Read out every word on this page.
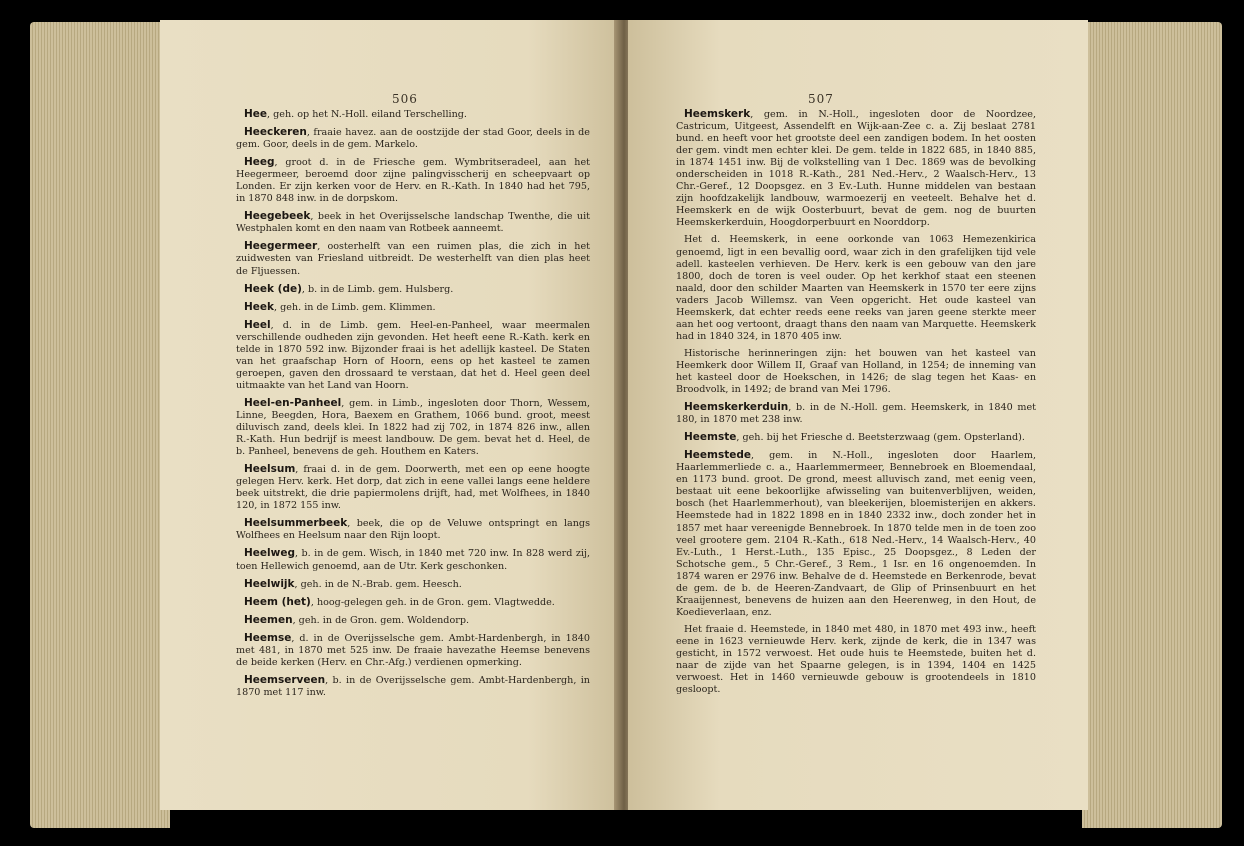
506
Hee, geh. op het N.-Holl. eiland Terschelling.
Heeckeren, fraaie havez. aan de oostzijde der stad Goor, deels in de gem. Goor, deels in de gem. Markelo.
Heeg, groot d. in de Friesche gem. Wymbritseradeel, aan het Heegermeer, beroemd door zijne palingvisscherij en scheepvaart op Londen. Er zijn kerken voor de Herv. en R.-Kath. In 1840 had het 795, in 1870 848 inw. in de dorpskom.
Heegebeek, beek in het Overijsselsche landschap Twenthe, die uit Westphalen komt en den naam van Rotbeek aanneemt.
Heegermeer, oosterhelft van een ruimen plas, die zich in het zuidwesten van Friesland uitbreidt. De westerhelft van dien plas heet de Fljuessen.
Heek (de), b. in de Limb. gem. Hulsberg.
Heek, geh. in de Limb. gem. Klimmen.
Heel, d. in de Limb. gem. Heel-en-Panheel, waar meermalen verschillende oudheden zijn gevonden. Het heeft eene R.-Kath. kerk en telde in 1870 592 inw. Bijzonder fraai is het adellijk kasteel. De Staten van het graafschap Horn of Hoorn, eens op het kasteel te zamen geroepen, gaven den drossaard te verstaan, dat het d. Heel geen deel uitmaakte van het Land van Hoorn.
Heel-en-Panheel, gem. in Limb., ingesloten door Thorn, Wessem, Linne, Beegden, Hora, Baexem en Grathem, 1066 bund. groot, meest diluvisch zand, deels klei. In 1822 had zij 702, in 1874 826 inw., allen R.-Kath. Hun bedrijf is meest landbouw. De gem. bevat het d. Heel, de b. Panheel, benevens de geh. Houthem en Katers.
Heelsum, fraai d. in de gem. Doorwerth, met een op eene hoogte gelegen Herv. kerk. Het dorp, dat zich in eene vallei langs eene heldere beek uitstrekt, die drie papiermolens drijft, had, met Wolfhees, in 1840 120, in 1872 155 inw.
Heelsummerbeek, beek, die op de Veluwe ontspringt en langs Wolfhees en Heelsum naar den Rijn loopt.
Heelweg, b. in de gem. Wisch, in 1840 met 720 inw. In 828 werd zij, toen Hellewich genoemd, aan de Utr. Kerk geschonken.
Heelwijk, geh. in de N.-Brab. gem. Heesch.
Heem (het), hoog-gelegen geh. in de Gron. gem. Vlagtwedde.
Heemen, geh. in de Gron. gem. Woldendorp.
Heemse, d. in de Overijsselsche gem. Ambt-Hardenbergh, in 1840 met 481, in 1870 met 525 inw. De fraaie havezathe Heemse benevens de beide kerken (Herv. en Chr.-Afg.) verdienen opmerking.
Heemserveen, b. in de Overijsselsche gem. Ambt-Hardenbergh, in 1870 met 117 inw.
507
Heemskerk, gem. in N.-Holl., ingesloten door de Noordzee, Castricum, Uitgeest, Assendelft en Wijk-aan-Zee c. a. Zij beslaat 2781 bund. en heeft voor het grootste deel een zandigen bodem. In het oosten der gem. vindt men echter klei. De gem. telde in 1822 685, in 1840 885, in 1874 1451 inw. Bij de volkstelling van 1 Dec. 1869 was de bevolking onderscheiden in 1018 R.-Kath., 281 Ned.-Herv., 2 Waalsch-Herv., 13 Chr.-Geref., 12 Doopsgez. en 3 Ev.-Luth. Hunne middelen van bestaan zijn hoofdzakelijk landbouw, warmoezerij en veeteelt. Behalve het d. Heemskerk en de wijk Oosterbuurt, bevat de gem. nog de buurten Heemskerkerduin, Hoogdorperbuurt en Noorddorp.
Het d. Heemskerk, in eene oorkonde van 1063 Hemezenkirica genoemd, ligt in een bevallig oord, waar zich in den grafelijken tijd vele adell. kasteelen verhieven. De Herv. kerk is een gebouw van den jare 1800, doch de toren is veel ouder. Op het kerkhof staat een steenen naald, door den schilder Maarten van Heemskerk in 1570 ter eere zijns vaders Jacob Willemsz. van Veen opgericht. Het oude kasteel van Heemskerk, dat echter reeds eene reeks van jaren geene sterkte meer aan het oog vertoont, draagt thans den naam van Marquette. Heemskerk had in 1840 324, in 1870 405 inw.
Historische herinneringen zijn: het bouwen van het kasteel van Heemkerk door Willem II, Graaf van Holland, in 1254; de inneming van het kasteel door de Hoekschen, in 1426; de slag tegen het Kaas- en Broodvolk, in 1492; de brand van Mei 1796.
Heemskerkerduin, b. in de N.-Holl. gem. Heemskerk, in 1840 met 180, in 1870 met 238 inw.
Heemste, geh. bij het Friesche d. Beetsterzwaag (gem. Opsterland).
Heemstede, gem. in N.-Holl., ingesloten door Haarlem, Haarlemmerliede c. a., Haarlemmermeer, Bennebroek en Bloemendaal, en 1173 bund. groot. De grond, meest alluvisch zand, met eenig veen, bestaat uit eene bekoorlijke afwisseling van buitenverblijven, weiden, bosch (het Haarlemmerhout), van bleekerijen, bloemisterijen en akkers. Heemstede had in 1822 1898 en in 1840 2332 inw., doch zonder het in 1857 met haar vereenigde Bennebroek. In 1870 telde men in de toen zoo veel grootere gem. 2104 R.-Kath., 618 Ned.-Herv., 14 Waalsch-Herv., 40 Ev.-Luth., 1 Herst.-Luth., 135 Episc., 25 Doopsgez., 8 Leden der Schotsche gem., 5 Chr.-Geref., 3 Rem., 1 Isr. en 16 ongenoemden. In 1874 waren er 2976 inw. Behalve de d. Heemstede en Berkenrode, bevat de gem. de b. de Heeren-Zandvaart, de Glip of Prinsenbuurt en het Kraaijennest, benevens de huizen aan den Heerenweg, in den Hout, de Koedieverlaan, enz.
Het fraaie d. Heemstede, in 1840 met 480, in 1870 met 493 inw., heeft eene in 1623 vernieuwde Herv. kerk, zijnde de kerk, die in 1347 was gesticht, in 1572 verwoest. Het oude huis te Heemstede, buiten het d. naar de zijde van het Spaarne gelegen, is in 1394, 1404 en 1425 verwoest. Het in 1460 vernieuwde gebouw is grootendeels in 1810 gesloopt.
